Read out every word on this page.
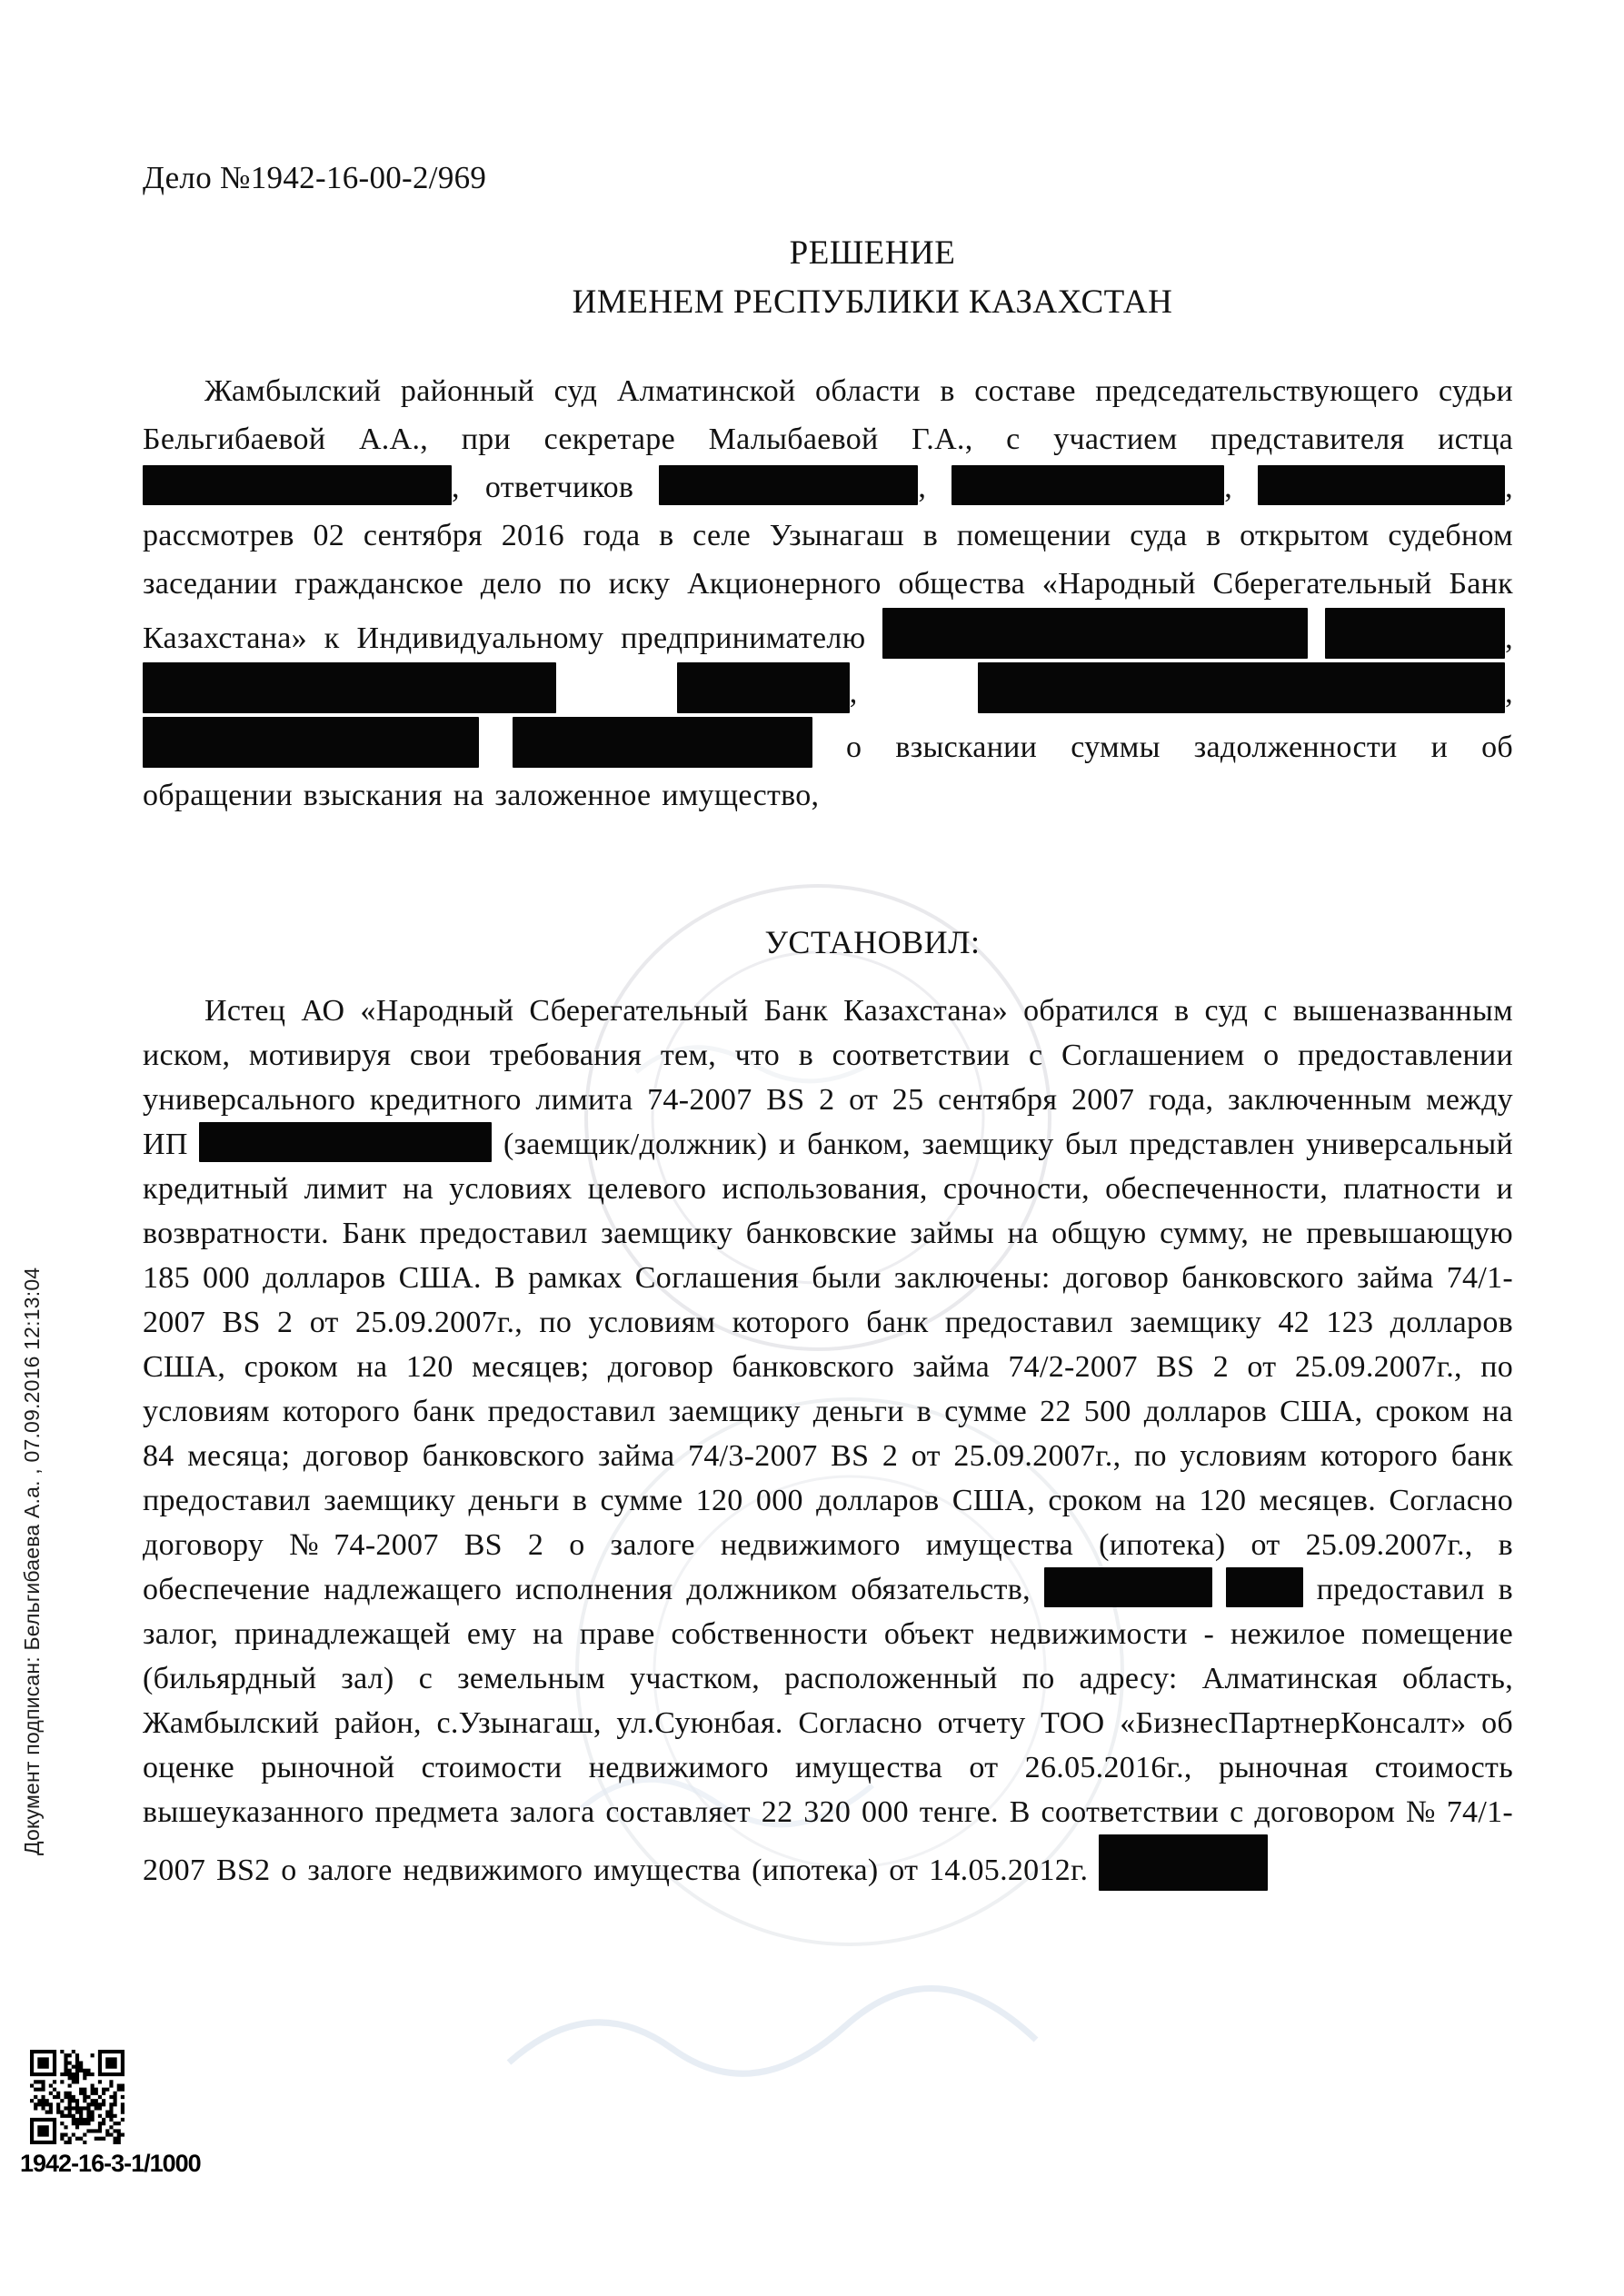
Документ подписан: Бельгибаева А.а. , 07.09.2016 12:13:04
Дело №1942-16-00-2/969
РЕШЕНИЕ
ИМЕНЕМ РЕСПУБЛИКИ КАЗАХСТАН
Жамбылский районный суд Алматинской области в составе председательствующего судьи Бельгибаевой А.А., при секретаре Малыбаевой Г.А., с участием представителя истца , ответчиков	,	,	, рассмотрев 02 сентября 2016 года в селе Узынагаш в помещении суда в открытом судебном заседании гражданское дело по иску Акционерного общества «Народный Сберегательный Банк Казахстана» к Индивидуальному предпринимателю	,  ,	,   о взыскании суммы задолженности и об обращении взыскания на заложенное имущество,
УСТАНОВИЛ:
Истец АО «Народный Сберегательный Банк Казахстана» обратился в суд с вышеназванным иском, мотивируя свои требования тем, что в соответствии с Соглашением о предоставлении универсального кредитного лимита 74-2007 BS 2 от 25 сентября 2007 года, заключенным между ИП	(заемщик/должник) и банком, заемщику был представлен универсальный кредитный лимит на условиях целевого использования, срочности, обеспеченности, платности и возвратности. Банк предоставил заемщику банковские займы на общую сумму, не превышающую 185 000 долларов США. В рамках Соглашения были заключены: договор банковского займа 74/1-2007 BS 2 от 25.09.2007г., по условиям которого банк предоставил заемщику 42 123 долларов США, сроком на 120 месяцев; договор банковского займа 74/2-2007 BS 2 от 25.09.2007г., по условиям которого банк предоставил заемщику деньги в сумме 22 500 долларов США, сроком на 84 месяца; договор банковского займа 74/3-2007 BS 2 от 25.09.2007г., по условиям которого банк предоставил заемщику деньги в сумме 120 000 долларов США, сроком на 120 месяцев. Согласно договору №74-2007 BS 2 о залоге недвижимого имущества (ипотека) от 25.09.2007г., в обеспечение надлежащего исполнения должником обязательств,	предоставил в залог, принадлежащей ему на праве собственности объект недвижимости - нежилое помещение (бильярдный зал) с земельным участком, расположенный по адресу: Алматинская область, Жамбылский район, с.Узынагаш, ул.Суюнбая. Согласно отчету ТОО «БизнесПартнерКонсалт» об оценке рыночной стоимости недвижимого имущества от 26.05.2016г., рыночная стоимость вышеуказанного предмета залога составляет 22 320 000 тенге. В соответствии с договором № 74/1-2007 BS2 о залоге недвижимого имущества (ипотека) от 14.05.2012г.
1942-16-3-1/1000
